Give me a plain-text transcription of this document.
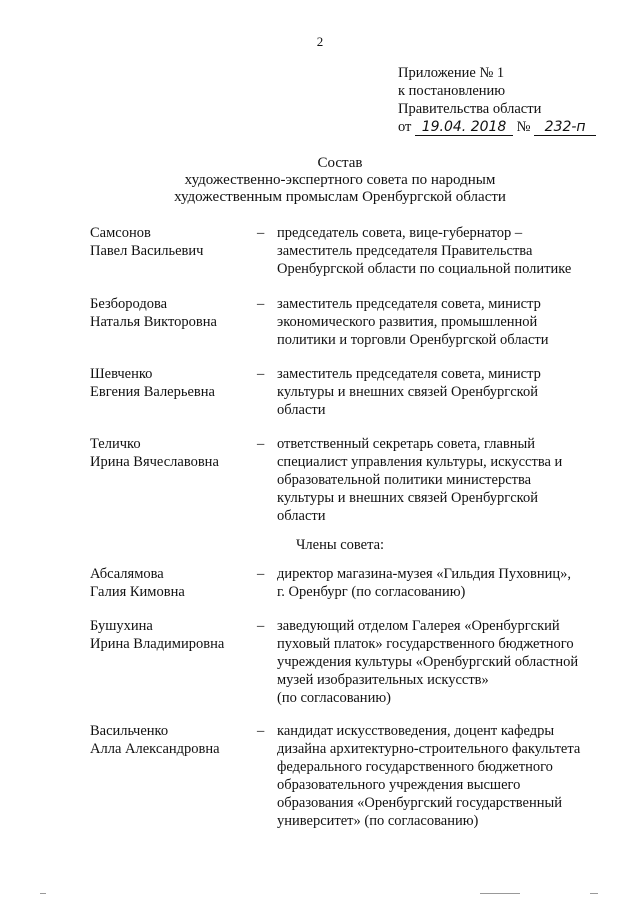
2
Приложение № 1
к постановлению
Правительства области
от 19.04. 2018 № 232-п
Состав
художественно-экспертного совета по народным
художественным промыслам Оренбургской области
Самсонов
Павел Васильевич
– председатель совета, вице-губернатор –
заместитель председателя Правительства
Оренбургской области по социальной политике
Безбородова
Наталья Викторовна
– заместитель председателя совета, министр
экономического развития, промышленной
политики и торговли Оренбургской области
Шевченко
Евгения Валерьевна
– заместитель председателя совета, министр
культуры и внешних связей Оренбургской
области
Теличко
Ирина Вячеславовна
– ответственный секретарь совета, главный
специалист управления культуры, искусства и
образовательной политики министерства
культуры и внешних связей Оренбургской
области
Члены совета:
Абсалямова
Галия Кимовна
– директор магазина-музея «Гильдия Пуховниц»,
г. Оренбург (по согласованию)
Бушухина
Ирина Владимировна
– заведующий отделом Галерея «Оренбургский
пуховый платок» государственного бюджетного
учреждения культуры «Оренбургский областной
музей изобразительных искусств»
(по согласованию)
Васильченко
Алла Александровна
– кандидат искусствоведения, доцент кафедры
дизайна архитектурно-строительного факультета
федерального государственного бюджетного
образовательного учреждения высшего
образования «Оренбургский государственный
университет» (по согласованию)
